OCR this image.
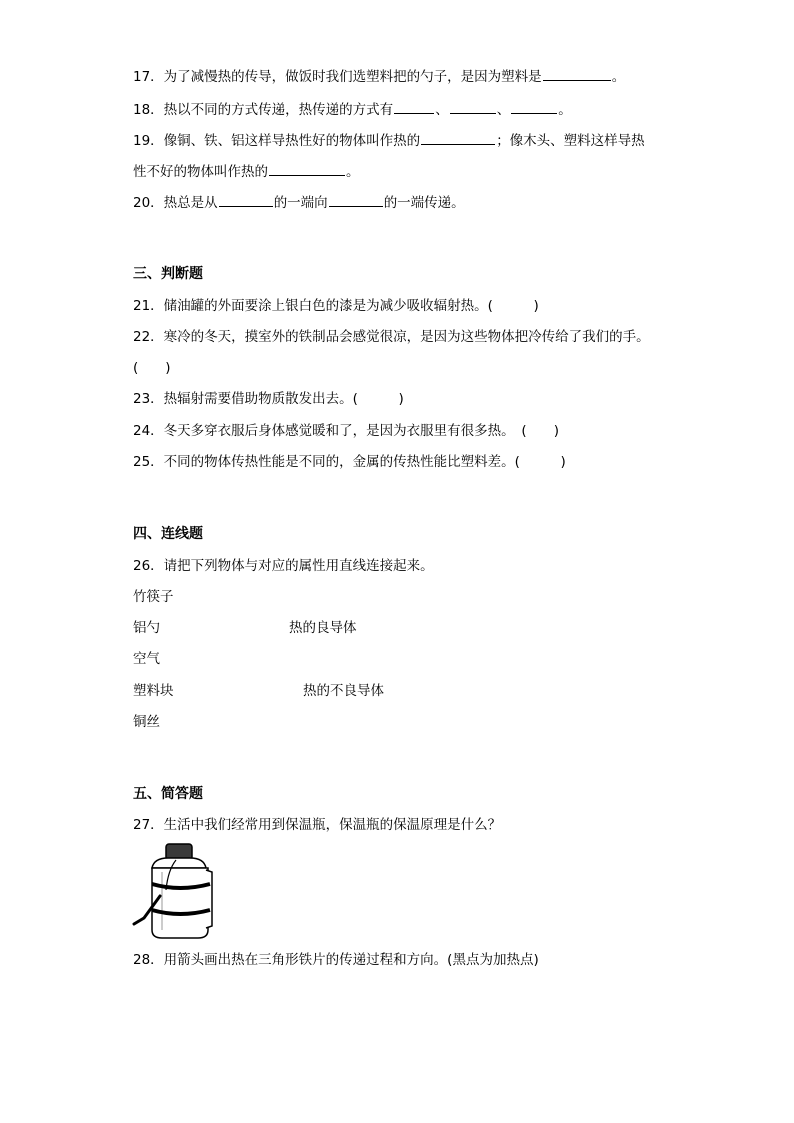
17．为了减慢热的传导，做饭时我们选塑料把的勺子，是因为塑料是	。
18．热以不同的方式传递，热传递的方式有	、	、	。
19．像铜、铁、铝这样导热性好的物体叫作热的	；像木头、塑料这样导热
性不好的物体叫作热的	。
20．热总是从	的一端向	的一端传递。
三、判断题
21．储油罐的外面要涂上银白色的漆是为减少吸收辐射热。(　　　)
22．寒冷的冬天，摸室外的铁制品会感觉很凉，是因为这些物体把冷传给了我们的手。
(　　)
23．热辐射需要借助物质散发出去。(　　　)
24．冬天多穿衣服后身体感觉暖和了，是因为衣服里有很多热。　(　　)
25．不同的物体传热性能是不同的，金属的传热性能比塑料差。(　　　)
四、连线题
26．请把下列物体与对应的属性用直线连接起来。
竹筷子
铝勺	热的良导体
空气
塑料块	热的不良导体
铜丝
五、简答题
27．生活中我们经常用到保温瓶，保温瓶的保温原理是什么？
28．用箭头画出热在三角形铁片的传递过程和方向。(黑点为加热点)
